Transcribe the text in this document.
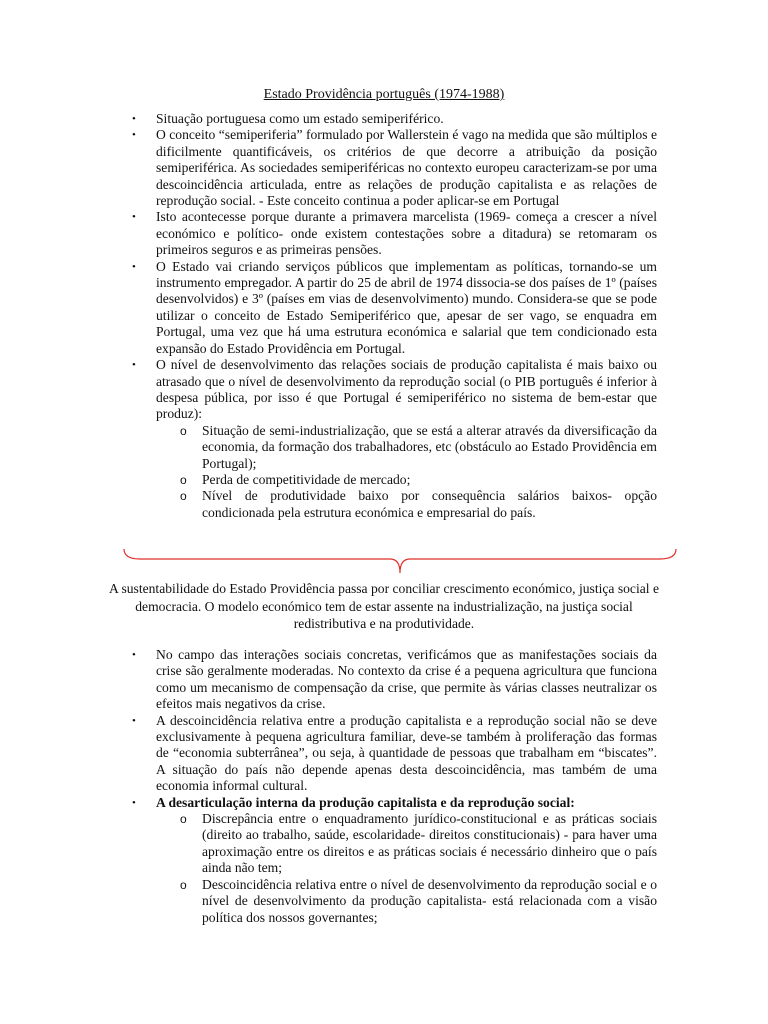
Estado Providência português (1974-1988)
• Situação portuguesa como um estado semiperiférico.
• O conceito “semiperiferia” formulado por Wallerstein é vago na medida que são múltiplos e dificilmente quantificáveis, os critérios de que decorre a atribuição da posição semiperiférica. As sociedades semiperiféricas no contexto europeu caracterizam-se por uma descoincidência articulada, entre as relações de produção capitalista e as relações de reprodução social. - Este conceito continua a poder aplicar-se em Portugal
• Isto acontecesse porque durante a primavera marcelista (1969- começa a crescer a nível económico e político- onde existem contestações sobre a ditadura) se retomaram os primeiros seguros e as primeiras pensões.
• O Estado vai criando serviços públicos que implementam as políticas, tornando-se um instrumento empregador. A partir do 25 de abril de 1974 dissocia-se dos países de 1º (países desenvolvidos) e 3º (países em vias de desenvolvimento) mundo. Considera-se que se pode utilizar o conceito de Estado Semiperiférico que, apesar de ser vago, se enquadra em Portugal, uma vez que há uma estrutura económica e salarial que tem condicionado esta expansão do Estado Providência em Portugal.
• O nível de desenvolvimento das relações sociais de produção capitalista é mais baixo ou atrasado que o nível de desenvolvimento da reprodução social (o PIB português é inferior à despesa pública, por isso é que Portugal é semiperiférico no sistema de bem-estar que produz):
o Situação de semi-industrialização, que se está a alterar através da diversificação da economia, da formação dos trabalhadores, etc (obstáculo ao Estado Providência em Portugal);
o Perda de competitividade de mercado;
o Nível de produtividade baixo por consequência salários baixos- opção condicionada pela estrutura económica e empresarial do país.
A sustentabilidade do Estado Providência passa por conciliar crescimento económico, justiça social e democracia. O modelo económico tem de estar assente na industrialização, na justiça social redistributiva e na produtividade.
• No campo das interações sociais concretas, verificámos que as manifestações sociais da crise são geralmente moderadas. No contexto da crise é a pequena agricultura que funciona como um mecanismo de compensação da crise, que permite às várias classes neutralizar os efeitos mais negativos da crise.
• A descoincidência relativa entre a produção capitalista e a reprodução social não se deve exclusivamente à pequena agricultura familiar, deve-se também à proliferação das formas de “economia subterrânea”, ou seja, à quantidade de pessoas que trabalham em “biscates”. A situação do país não depende apenas desta descoincidência, mas também de uma economia informal cultural.
• A desarticulação interna da produção capitalista e da reprodução social:
o Discrepância entre o enquadramento jurídico-constitucional e as práticas sociais (direito ao trabalho, saúde, escolaridade- direitos constitucionais) - para haver uma aproximação entre os direitos e as práticas sociais é necessário dinheiro que o país ainda não tem;
o Descoincidência relativa entre o nível de desenvolvimento da reprodução social e o nível de desenvolvimento da produção capitalista- está relacionada com a visão política dos nossos governantes;
